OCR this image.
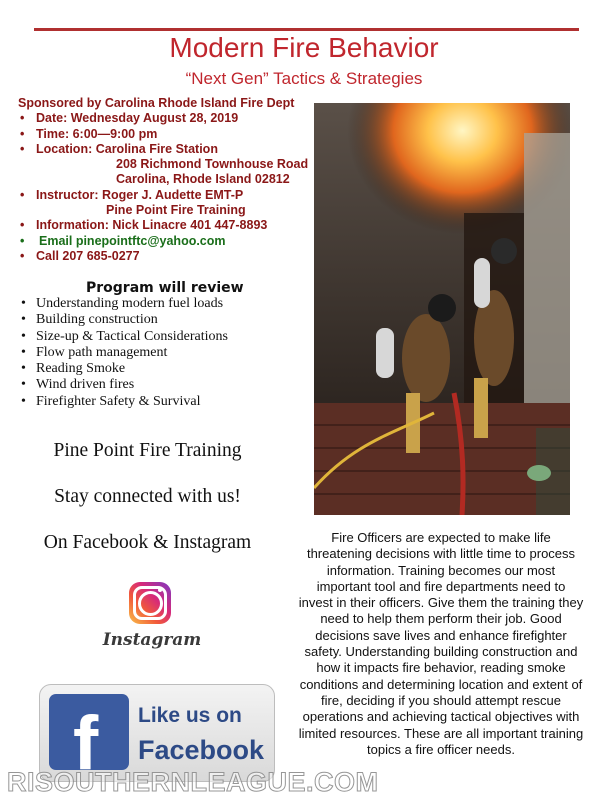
Modern Fire Behavior
“Next Gen” Tactics & Strategies
Sponsored by Carolina Rhode Island Fire Dept
• Date: Wednesday August 28, 2019
• Time: 6:00—9:00 pm
• Location: Carolina Fire Station
208 Richmond Townhouse Road
Carolina, Rhode Island 02812
• Instructor: Roger J. Audette EMT-P
Pine Point Fire Training
• Information: Nick Linacre 401 447-8893
• Email pinepointftc@yahoo.com
• Call 207 685-0277
Program will review
• Understanding modern fuel loads
• Building construction
• Size-up & Tactical Considerations
• Flow path management
• Reading Smoke
• Wind driven fires
• Firefighter Safety & Survival
Pine Point Fire Training
Stay connected with us!
On Facebook & Instagram	Fire Officers are expected to make life threatening decisions with little time to process information. Training becomes our most important tool and fire departments need to invest in their officers. Give them the training they need to help them perform their job. Good decisions save lives and enhance firefighter safety. Understanding building construction and how it impacts fire behavior, reading smoke conditions and determining location and extent of fire, deciding if you should attempt rescue operations and achieving tactical objectives with limited resources. These are all important training topics a fire officer needs.
Instagram
f Like us on
Facebook
RISOUTHERNLEAGUE.COM
